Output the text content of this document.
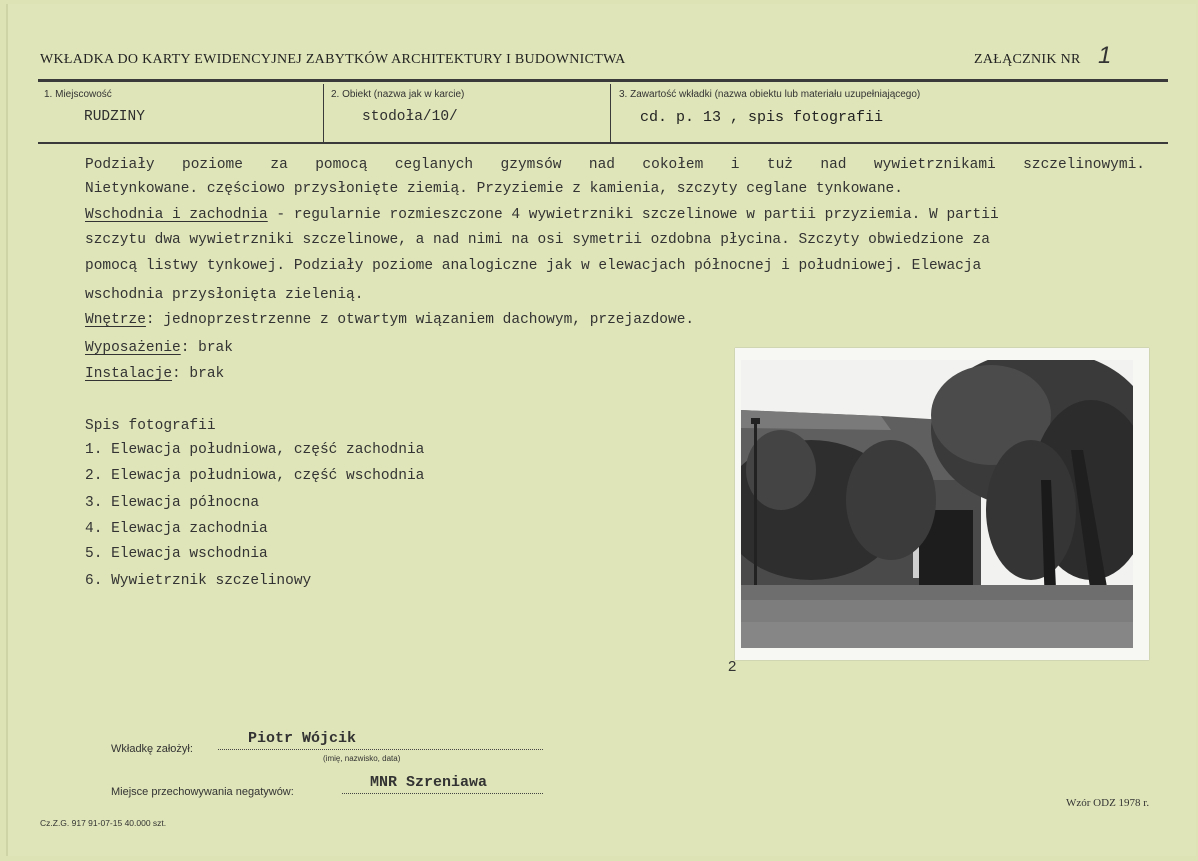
WKŁADKA DO KARTY EWIDENCYJNEJ ZABYTKÓW ARCHITEKTURY I BUDOWNICTWA	ZAŁĄCZNIK NR 1
1. Miejscowość
RUDZINY
2. Obiekt (nazwa jak w karcie)
stodoła/10/
3. Zawartość wkładki (nazwa obiektu lub materiału uzupełniającego)
cd. p. 13 , spis fotografii
Podziały poziome za pomocą ceglanych gzymsów nad cokołem i tuż nad wywietrznikami szczelinowymi.
Nietynkowane. częściowo przysłonięte ziemią. Przyziemie z kamienia, szczyty ceglane tynkowane.
Wschodnia i zachodnia - regularnie rozmieszczone 4 wywietrzniki szczelinowe w partii przyziemia. W partii
szczytu dwa wywietrzniki szczelinowe, a nad nimi na osi symetrii ozdobna płycina. Szczyty obwiedzione za
pomocą listwy tynkowej. Podziały poziome analogiczne jak w elewacjach północnej i południowej. Elewacja
wschodnia przysłonięta zielenią.
Wnętrze: jednoprzestrzenne z otwartym wiązaniem dachowym, przejazdowe.
Wyposażenie: brak
Instalacje: brak
Spis fotografii
1. Elewacja południowa, część zachodnia
2. Elewacja południowa, część wschodnia
3. Elewacja północna
4. Elewacja zachodnia
5. Elewacja wschodnia
6. Wywietrznik szczelinowy
2
Wkładkę założył:
Piotr Wójcik
(imię, nazwisko, data)
Miejsce przechowywania negatywów:
MNR Szreniawa
Cz.Z.G. 917 91-07-15 40.000 szt.
Wzór ODZ 1978 r.
